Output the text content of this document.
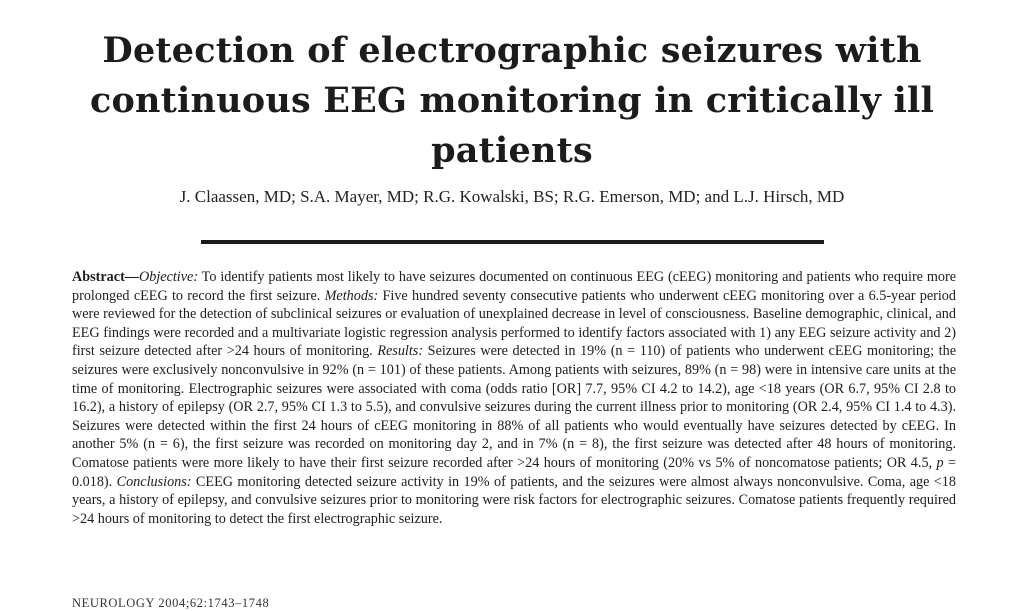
Detection of electrographic seizures with continuous EEG monitoring in critically ill patients
J. Claassen, MD; S.A. Mayer, MD; R.G. Kowalski, BS; R.G. Emerson, MD; and L.J. Hirsch, MD

Abstract—Objective: To identify patients most likely to have seizures documented on continuous EEG (cEEG) monitoring and patients who require more prolonged cEEG to record the first seizure. Methods: Five hundred seventy consecutive patients who underwent cEEG monitoring over a 6.5-year period were reviewed for the detection of subclinical seizures or evaluation of unexplained decrease in level of consciousness. Baseline demographic, clinical, and EEG findings were recorded and a multivariate logistic regression analysis performed to identify factors associated with 1) any EEG seizure activity and 2) first seizure detected after >24 hours of monitoring. Results: Seizures were detected in 19% (n = 110) of patients who underwent cEEG monitoring; the seizures were exclusively nonconvulsive in 92% (n = 101) of these patients. Among patients with seizures, 89% (n = 98) were in intensive care units at the time of monitoring. Electrographic seizures were associated with coma (odds ratio [OR] 7.7, 95% CI 4.2 to 14.2), age <18 years (OR 6.7, 95% CI 2.8 to 16.2), a history of epilepsy (OR 2.7, 95% CI 1.3 to 5.5), and convulsive seizures during the current illness prior to monitoring (OR 2.4, 95% CI 1.4 to 4.3). Seizures were detected within the first 24 hours of cEEG monitoring in 88% of all patients who would eventually have seizures detected by cEEG. In another 5% (n = 6), the first seizure was recorded on monitoring day 2, and in 7% (n = 8), the first seizure was detected after 48 hours of monitoring. Comatose patients were more likely to have their first seizure recorded after >24 hours of monitoring (20% vs 5% of noncomatose patients; OR 4.5, p = 0.018). Conclusions: CEEG monitoring detected seizure activity in 19% of patients, and the seizures were almost always nonconvulsive. Coma, age <18 years, a history of epilepsy, and convulsive seizures prior to monitoring were risk factors for electrographic seizures. Comatose patients frequently required >24 hours of monitoring to detect the first electrographic seizure.

NEUROLOGY 2004;62:1743–1748
